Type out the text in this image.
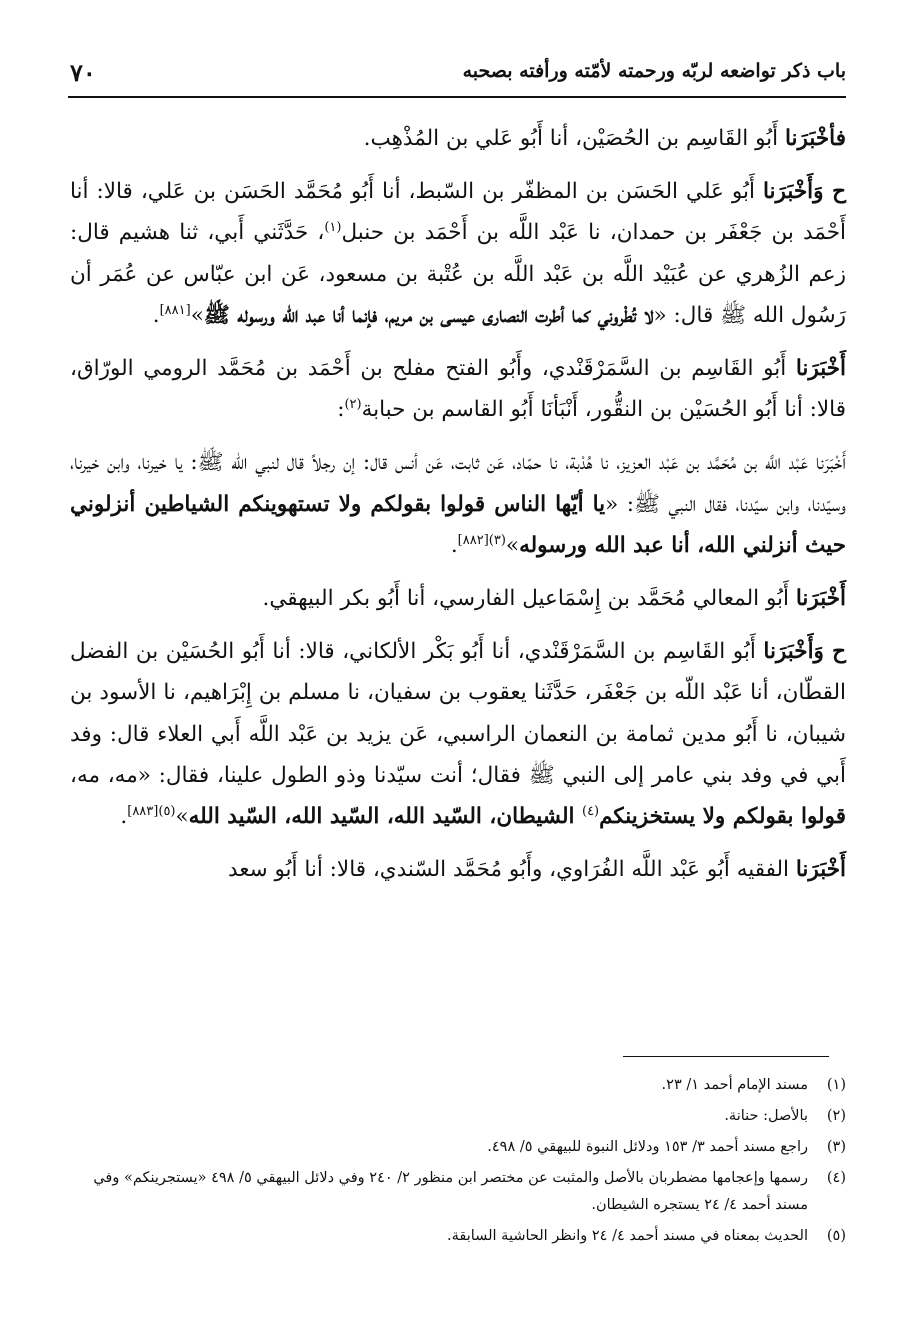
باب ذكر تواضعه لربّه ورحمته لأمّته ورأفته بصحبه
٧٠

فأخْبَرَنا أَبُو القَاسِم بن الحُصَيْن، أنا أَبُو عَلي بن المُذْهِب.

ح وَأَخْبَرَنا أَبُو عَلي الحَسَن بن المظفّر بن السّبط، أنا أَبُو مُحَمَّد الحَسَن بن عَلي، قالا: أنا أَحْمَد بن جَعْفَر بن حمدان، نا عَبْد اللَّه بن أَحْمَد بن حنبل$^{(١)}$، حَدَّثَني أَبي، ثنا هشيم قال: زعم الزُهري عن عُبَيْد اللَّه بن عَبْد اللَّه بن عُتْبة بن مسعود، عَن ابن عبّاس عن عُمَر أن رَسُول الله ﷺ قال: «لا تُطْروني كما أطرت النصارى عيسى بن مريم، فإنما أنا عبد الله ورسوله ﷺ»[٨٨١].

أَخْبَرَنا أَبُو القَاسِم بن السَّمَرْقَنْدي، وأَبُو الفتح مفلح بن أَحْمَد بن مُحَمَّد الرومي الورّاق، قالا: أنا أَبُو الحُسَيْن بن النقُّور، أَنْبَأنَا أَبُو القاسم بن حبابة$^{(٢)}$:

أَخْبَرَنا عَبْد اللَّه بن مُحَمَّد بن عَبْد العزيز، نا هُدْبة، نا حمّاد، عَن ثابت، عَن أنس قال: إن رجلاً قال لنبي الله ﷺ: يا خيرنا، وابن خيرنا، وسيّدنا، وابن سيّدنا، فقال النبي ﷺ: «يا أيّها الناس قولوا بقولكم ولا تستهوينكم الشياطين أنزلوني حيث أنزلني الله، أنا عبد الله ورسوله»$^{(٣)[٨٨٢]}$.

أَخْبَرَنا أَبُو المعالي مُحَمَّد بن إِسْمَاعيل الفارسي، أنا أَبُو بكر البيهقي.

ح وَأَخْبَرَنا أَبُو القَاسِم بن السَّمَرْقَنْدي، أنا أَبُو بَكْر الألكاني، قالا: أنا أَبُو الحُسَيْن بن الفضل القطّان، أنا عَبْد اللّه بن جَعْفَر، حَدَّثَنا يعقوب بن سفيان، نا مسلم بن إِبْرَاهيم، نا الأسود بن شيبان، نا أَبُو مدين ثمامة بن النعمان الراسبي، عَن يزيد بن عَبْد اللَّه أَبي العلاء قال: وفد أَبي في وفد بني عامر إلى النبي ﷺ فقال؛ أنت سيّدنا وذو الطول علينا، فقال: «مه، مه، قولوا بقولكم ولا يستخزينكم$^{(٤)}$ الشيطان، السّيد الله، السّيد الله، السّيد الله»$^{(٥)[٨٨٣]}$.

أَخْبَرَنا الفقيه أَبُو عَبْد اللَّه الفُرَاوي، وأَبُو مُحَمَّد السّندي، قالا: أنا أَبُو سعد

(١)
مسند الإمام أحمد ١/ ٢٣.
(٢)
بالأصل: حنانة.
(٣)
راجع مسند أحمد ٣/ ١٥٣ ودلائل النبوة للبيهقي ٥/ ٤٩٨.
(٤)
رسمها وإعجامها مضطربان بالأصل والمثبت عن مختصر ابن منظور ٢/ ٢٤٠ وفي دلائل البيهقي ٥/ ٤٩٨ «يستجرينكم» وفي مسند أحمد ٤/ ٢٤ يستجره الشيطان.
(٥)
الحديث بمعناه في مسند أحمد ٤/ ٢٤ وانظر الحاشية السابقة.
